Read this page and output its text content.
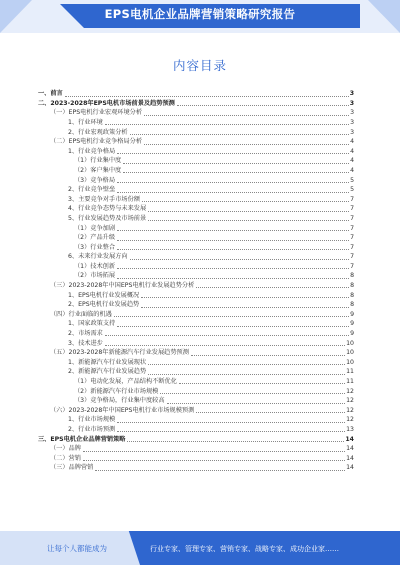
EPS电机企业品牌营销策略研究报告
内容目录
一、前言	3
二、2023-2028年EPS电机市场前景及趋势预测	3
（一）EPS电机行业宏观环境分析	3
1、行业环境	3
2、行业宏观政策分析	3
（二）EPS电机行业竞争格局分析	4
1、行业竞争格局	4
（1）行业集中度	4
（2）客户集中度	4
（3）竞争格局	5
2、行业竞争壁垒	5
3、主要竞争对手市场份额	7
4、行业竞争态势与未来发展	7
5、行业发展趋势及市场前景	7
（1）竞争加剧	7
（2）产品升级	7
（3）行业整合	7
6、未来行业发展方向	7
（1）技术创新	7
（2）市场拓展	8
（三）2023-2028年中国EPS电机行业发展趋势分析	8
1、EPS电机行业发展概况	8
2、EPS电机行业发展趋势	8
（四）行业面临的机遇	9
1、国家政策支持	9
2、市场需求	9
3、技术进步	10
（五）2023-2028年新能源汽车行业发展趋势预测	10
1、新能源汽车行业发展现状	10
2、新能源汽车行业发展趋势	11
（1）电动化发展，产品结构不断优化	11
（2）新能源汽车行业市场规模	12
（3）竞争格局，行业集中度较高	12
（六）2023-2028年中国EPS电机行业市场规模预测	12
1、行业市场规模	12
2、行业市场预测	13
三、EPS电机企业品牌营销策略	14
（一）品牌	14
（二）营销	14
（三）品牌营销	14
让每个人都能成为	行业专家、管理专家、营销专家、战略专家、成功企业家……
